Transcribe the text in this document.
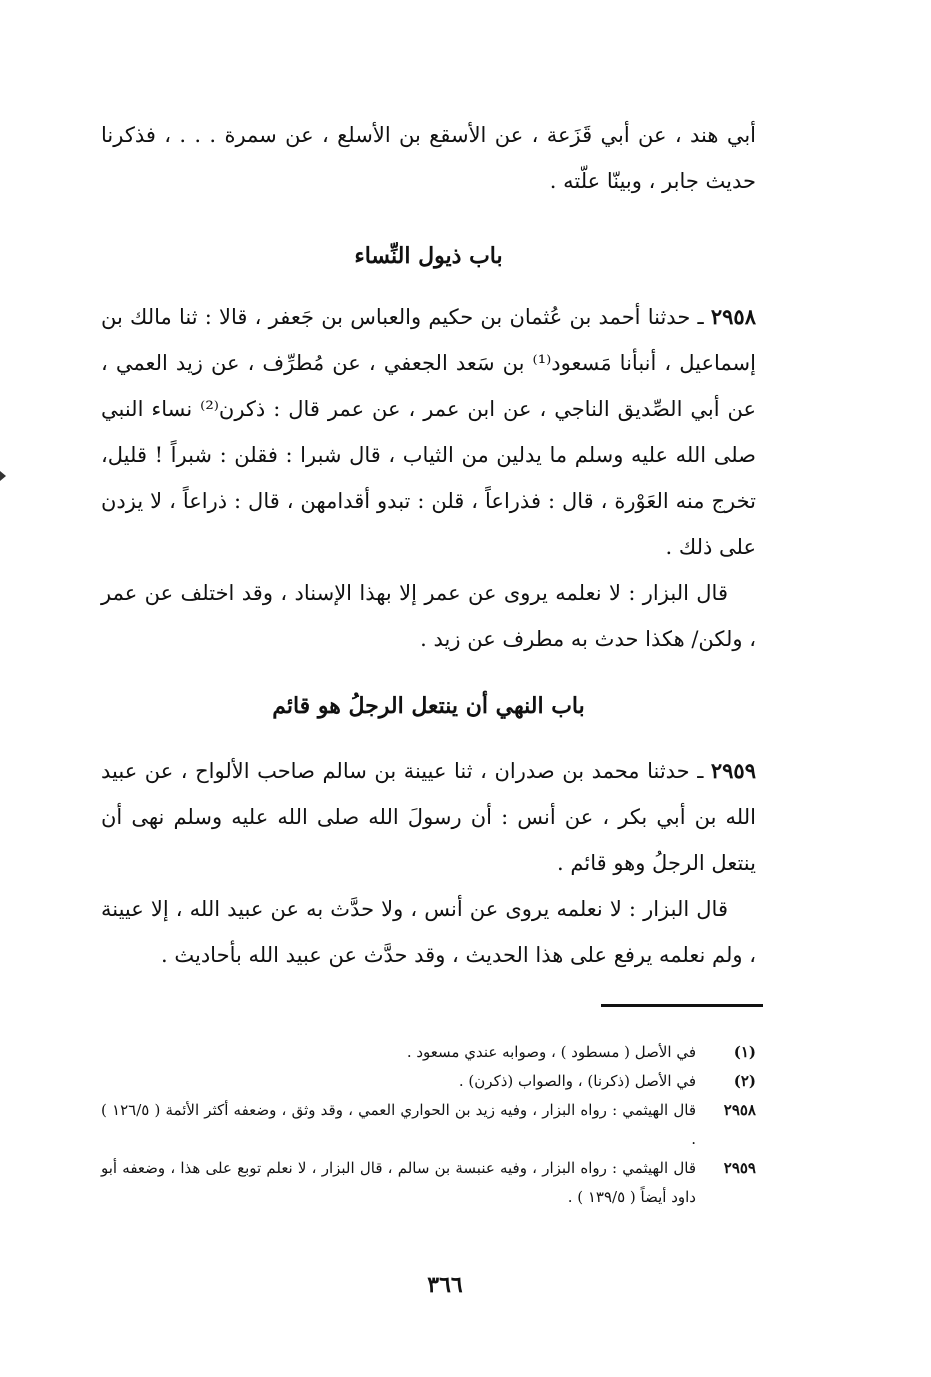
أبي هند ، عن أبي قَزَعة ، عن الأسقع بن الأسلع ، عن سمرة . . . ، فذكرنا حديث جابر ، وبينّا علّته .

باب ذيول النِّساء

٢٩٥٨ ـ حدثنا أحمد بن عُثمان بن حكيم والعباس بن جَعفر ، قالا : ثنا مالك بن إسماعيل ، أنبأنا مَسعود⁽¹⁾ بن سَعد الجعفي ، عن مُطرِّف ، عن زيد العمي ، عن أبي الصِّديق الناجي ، عن ابن عمر ، عن عمر قال : ذكرن⁽²⁾ نساء النبي صلى الله عليه وسلم ما يدلين من الثياب ، قال شبرا : فقلن : شبراً ! قليل، تخرج منه العَوْرة ، قال : فذراعاً ، قلن : تبدو أقدامهن ، قال : ذراعاً ، لا يزدن على ذلك .

قال البزار : لا نعلمه يروى عن عمر إلا بهذا الإسناد ، وقد اختلف عن عمر ، ولكن/ هكذا حدث به مطرف عن زيد .

باب النهي أن ينتعل الرجلُ هو قائم

٢٩٥٩ ـ حدثنا محمد بن صدران ، ثنا عيينة بن سالم صاحب الألواح ، عن عبيد الله بن أبي بكر ، عن أنس : أن رسولَ الله صلى الله عليه وسلم نهى أن ينتعل الرجلُ وهو قائم .

قال البزار : لا نعلمه يروى عن أنس ، ولا حدَّث به عن عبيد الله ، إلا عيينة ، ولم نعلمه يرفع على هذا الحديث ، وقد حدَّث عن عبيد الله بأحاديث .

(١)
في الأصل ( مسطود ) ، وصوابه عندي مسعود .
(٢)
في الأصل (ذكرنا) ، والصواب (ذكرن) .
٢٩٥٨
قال الهيثمي : رواه البزار ، وفيه زيد بن الحواري العمي ، وقد وثق ، وضعفه أكثر الأئمة ( ١٢٦/٥ ) .
٢٩٥٩
قال الهيثمي : رواه البزار ، وفيه عنبسة بن سالم ، قال البزار ، لا نعلم توبع على هذا ، وضعفه أبو داود أيضاً ( ١٣٩/٥ ) .
٣٦٦
